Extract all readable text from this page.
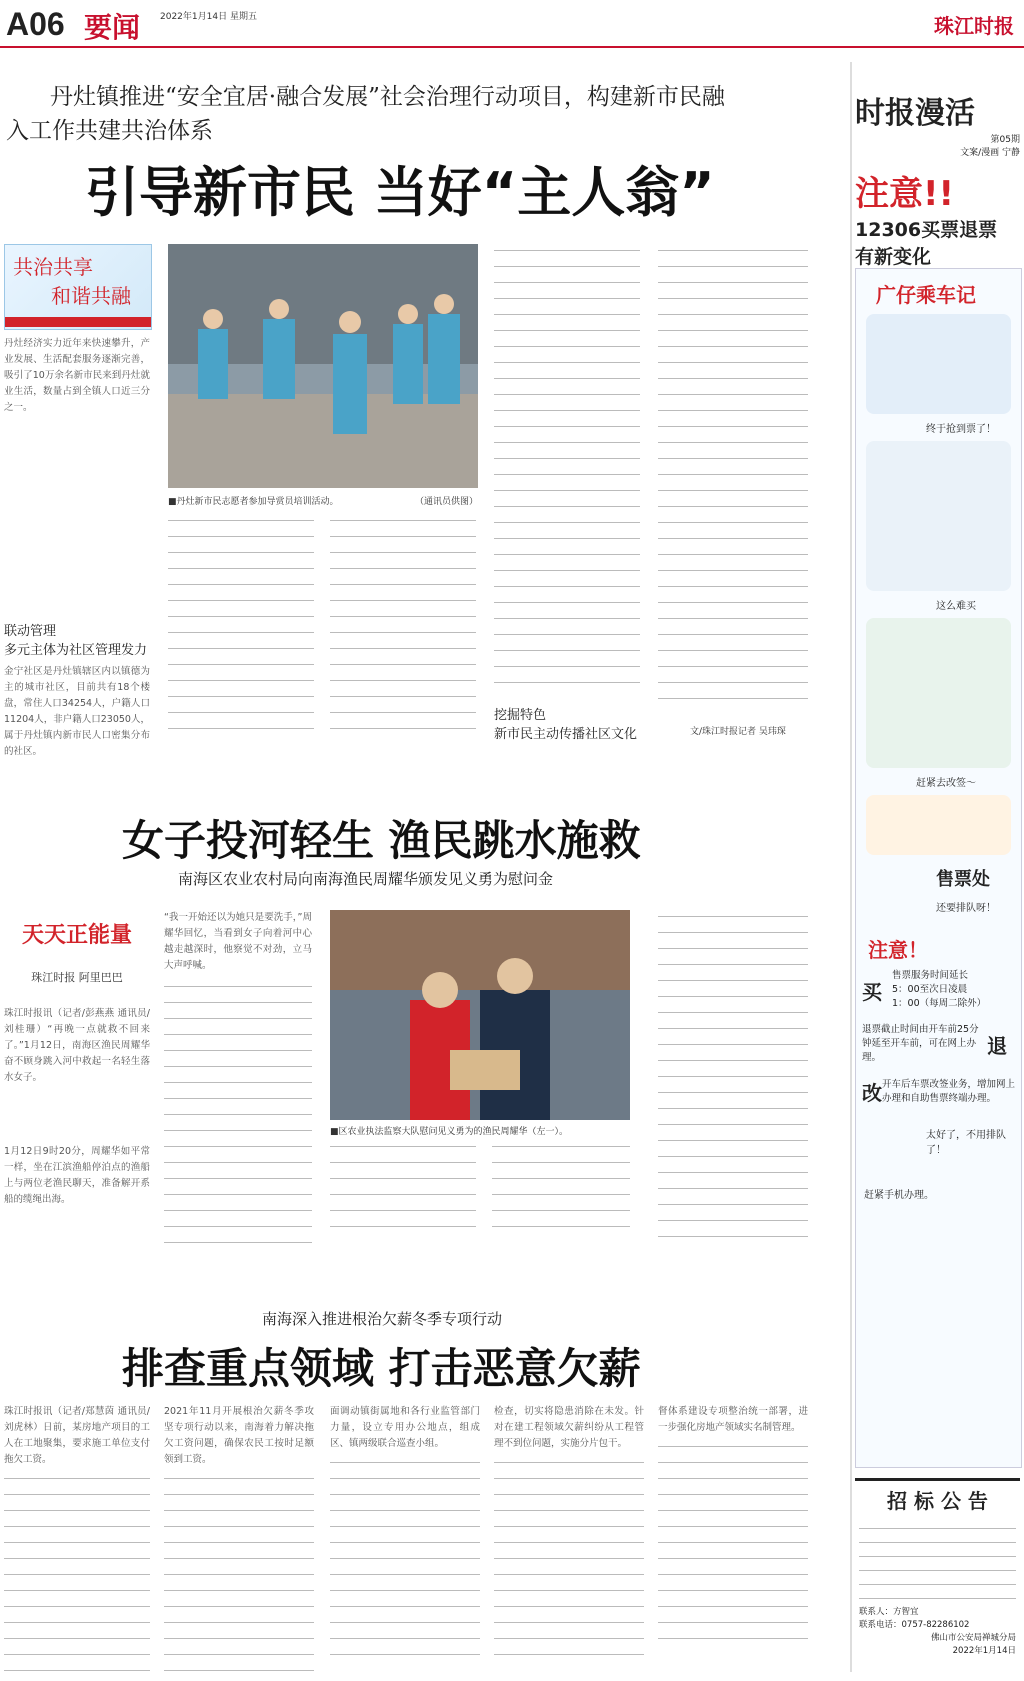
A06 要闻 2022年1月14日 星期五	珠江时报
丹灶镇推进“安全宜居·融合发展”社会治理行动项目，构建新市民融
入工作共建共治体系
引导新市民 当好“主人翁”
共治共享
和谐共融
丹灶经济实力近年来快速攀升，产业发展、生活配套服务逐渐完善，吸引了10万余名新市民来到丹灶就业生活，数量占到全镇人口近三分之一。
联动管理
多元主体为社区管理发力
金宁社区是丹灶镇辖区内以镇德为主的城市社区，目前共有18个楼盘，常住人口34254人，户籍人口11204人，非户籍人口23050人，属于丹灶镇内新市民人口密集分布的社区。
■丹灶新市民志愿者参加导赏员培训活动。	（通讯员供图）
挖掘特色
新市民主动传播社区文化	文/珠江时报记者 吴玮琛
女子投河轻生 渔民跳水施救
南海区农业农村局向南海渔民周耀华颁发见义勇为慰问金
天天正能量
珠江时报 阿里巴巴
珠江时报讯（记者/彭燕燕 通讯员/刘桂珊）“再晚一点就救不回来了。”1月12日，南海区渔民周耀华奋不顾身跳入河中救起一名轻生落水女子。
1月12日9时20分，周耀华如平常一样，坐在江滨渔船停泊点的渔船上与两位老渔民聊天，准备解开系船的缆绳出海。
“我一开始还以为她只是要洗手，”周耀华回忆，当看到女子向着河中心越走越深时，他察觉不对劲，立马大声呼喊。
■区农业执法监察大队慰问见义勇为的渔民周耀华（左一）。
南海深入推进根治欠薪冬季专项行动
排查重点领域 打击恶意欠薪
珠江时报讯（记者/郑慧茵 通讯员/刘虎林）日前，某房地产项目的工人在工地聚集，要求施工单位支付拖欠工资。
2021年11月开展根治欠薪冬季攻坚专项行动以来，南海着力解决拖欠工资问题，确保农民工按时足额领到工资。
面调动镇街属地和各行业监管部门力量，设立专用办公地点，组成区、镇两级联合巡查小组。
检查，切实将隐患消除在未发。针对在建工程领域欠薪纠纷从工程管理不到位问题，实施分片包干。
督体系建设专项整治统一部署，进一步强化房地产领域实名制管理。
时报漫活
第05期
文案/漫画 宁静
注意!!
12306买票退票
有新变化
广仔乘车记
终于抢到票了！
这么难买
赶紧去改签～
售票处
还要排队呀！
注意！
买
售票服务时间延长
5：00至次日凌晨
1：00（每周二除外）
退票截止时间由开车前25分钟延至开车前，可在网上办理。	退
改 开车后车票改签业务，增加网上办理和自助售票终端办理。
太好了，不用排队了！
赶紧手机办理。
招 标 公 告
联系人：方智宜
联系电话：0757-82286102
佛山市公安局禅城分局
2022年1月14日
